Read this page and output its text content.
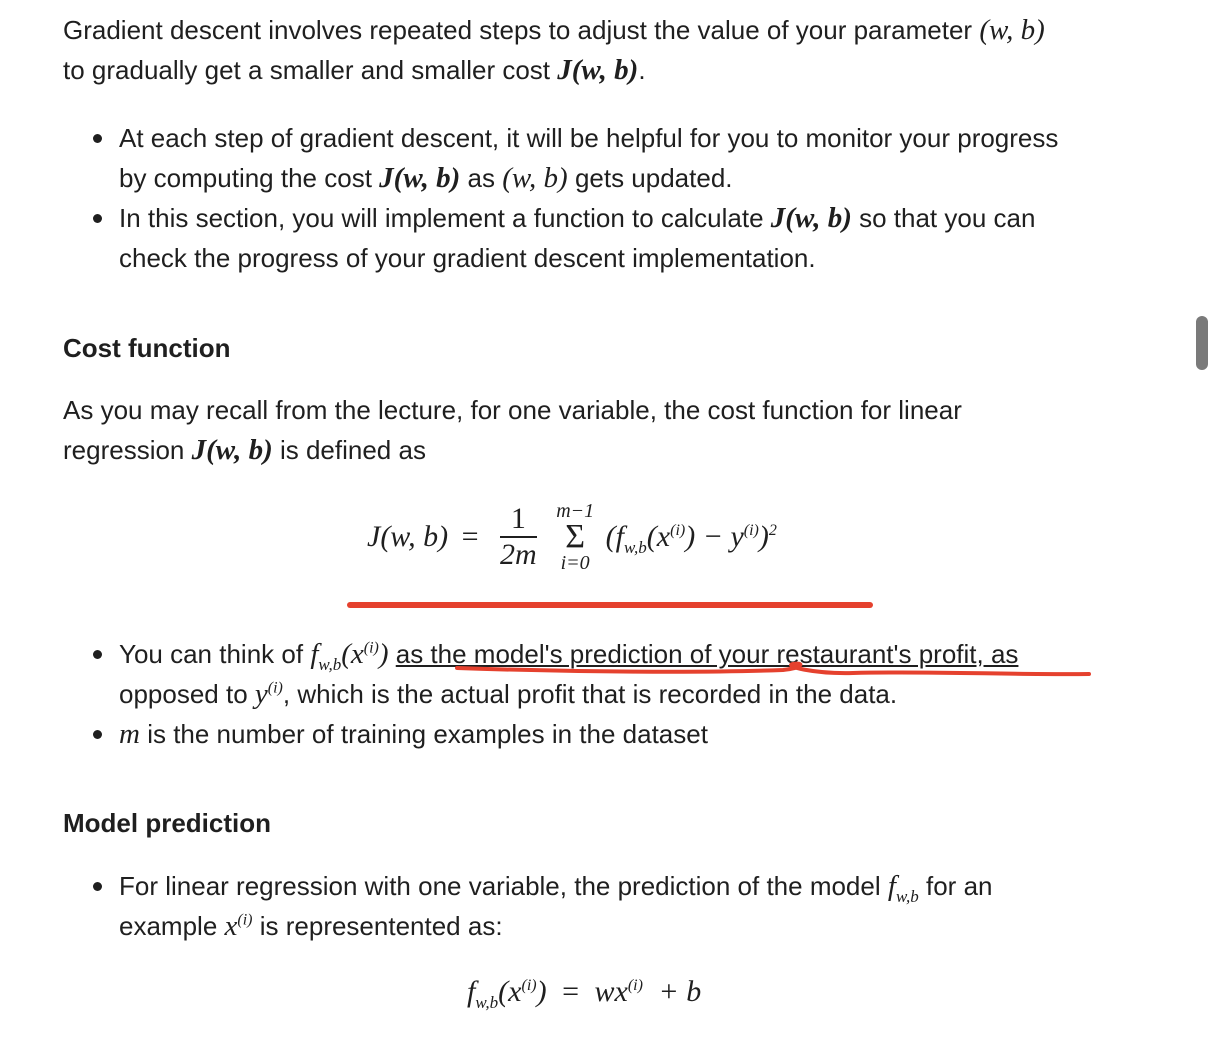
Gradient descent involves repeated steps to adjust the value of your parameter (w, b)
to gradually get a smaller and smaller cost J(w, b).
At each step of gradient descent, it will be helpful for you to monitor your progress
by computing the cost J(w, b) as (w, b) gets updated.
In this section, you will implement a function to calculate J(w, b) so that you can
check the progress of your gradient descent implementation.
Cost function
As you may recall from the lecture, for one variable, the cost function for linear
regression J(w, b) is defined as
J(w, $b) = \frac{1}{2m}$
m−1
Σ
i=0
$(f_{w,b}(x^{(i)}) - y^{(i)})^2$
You can think of $f_{w,b}(x^{(i)})$ as the model's prediction of your restaurant's profit, as
opposed to $y^{(i)}$, which is the actual profit that is recorded in the data.
m is the number of training examples in the dataset
Model prediction
For linear regression with one variable, the prediction of the model $f_{w,b}$ for an
example $x^{(i)}$ is representented as:
$f_{w,b}(x^{(i)}) = wx^{(i)} + b$
